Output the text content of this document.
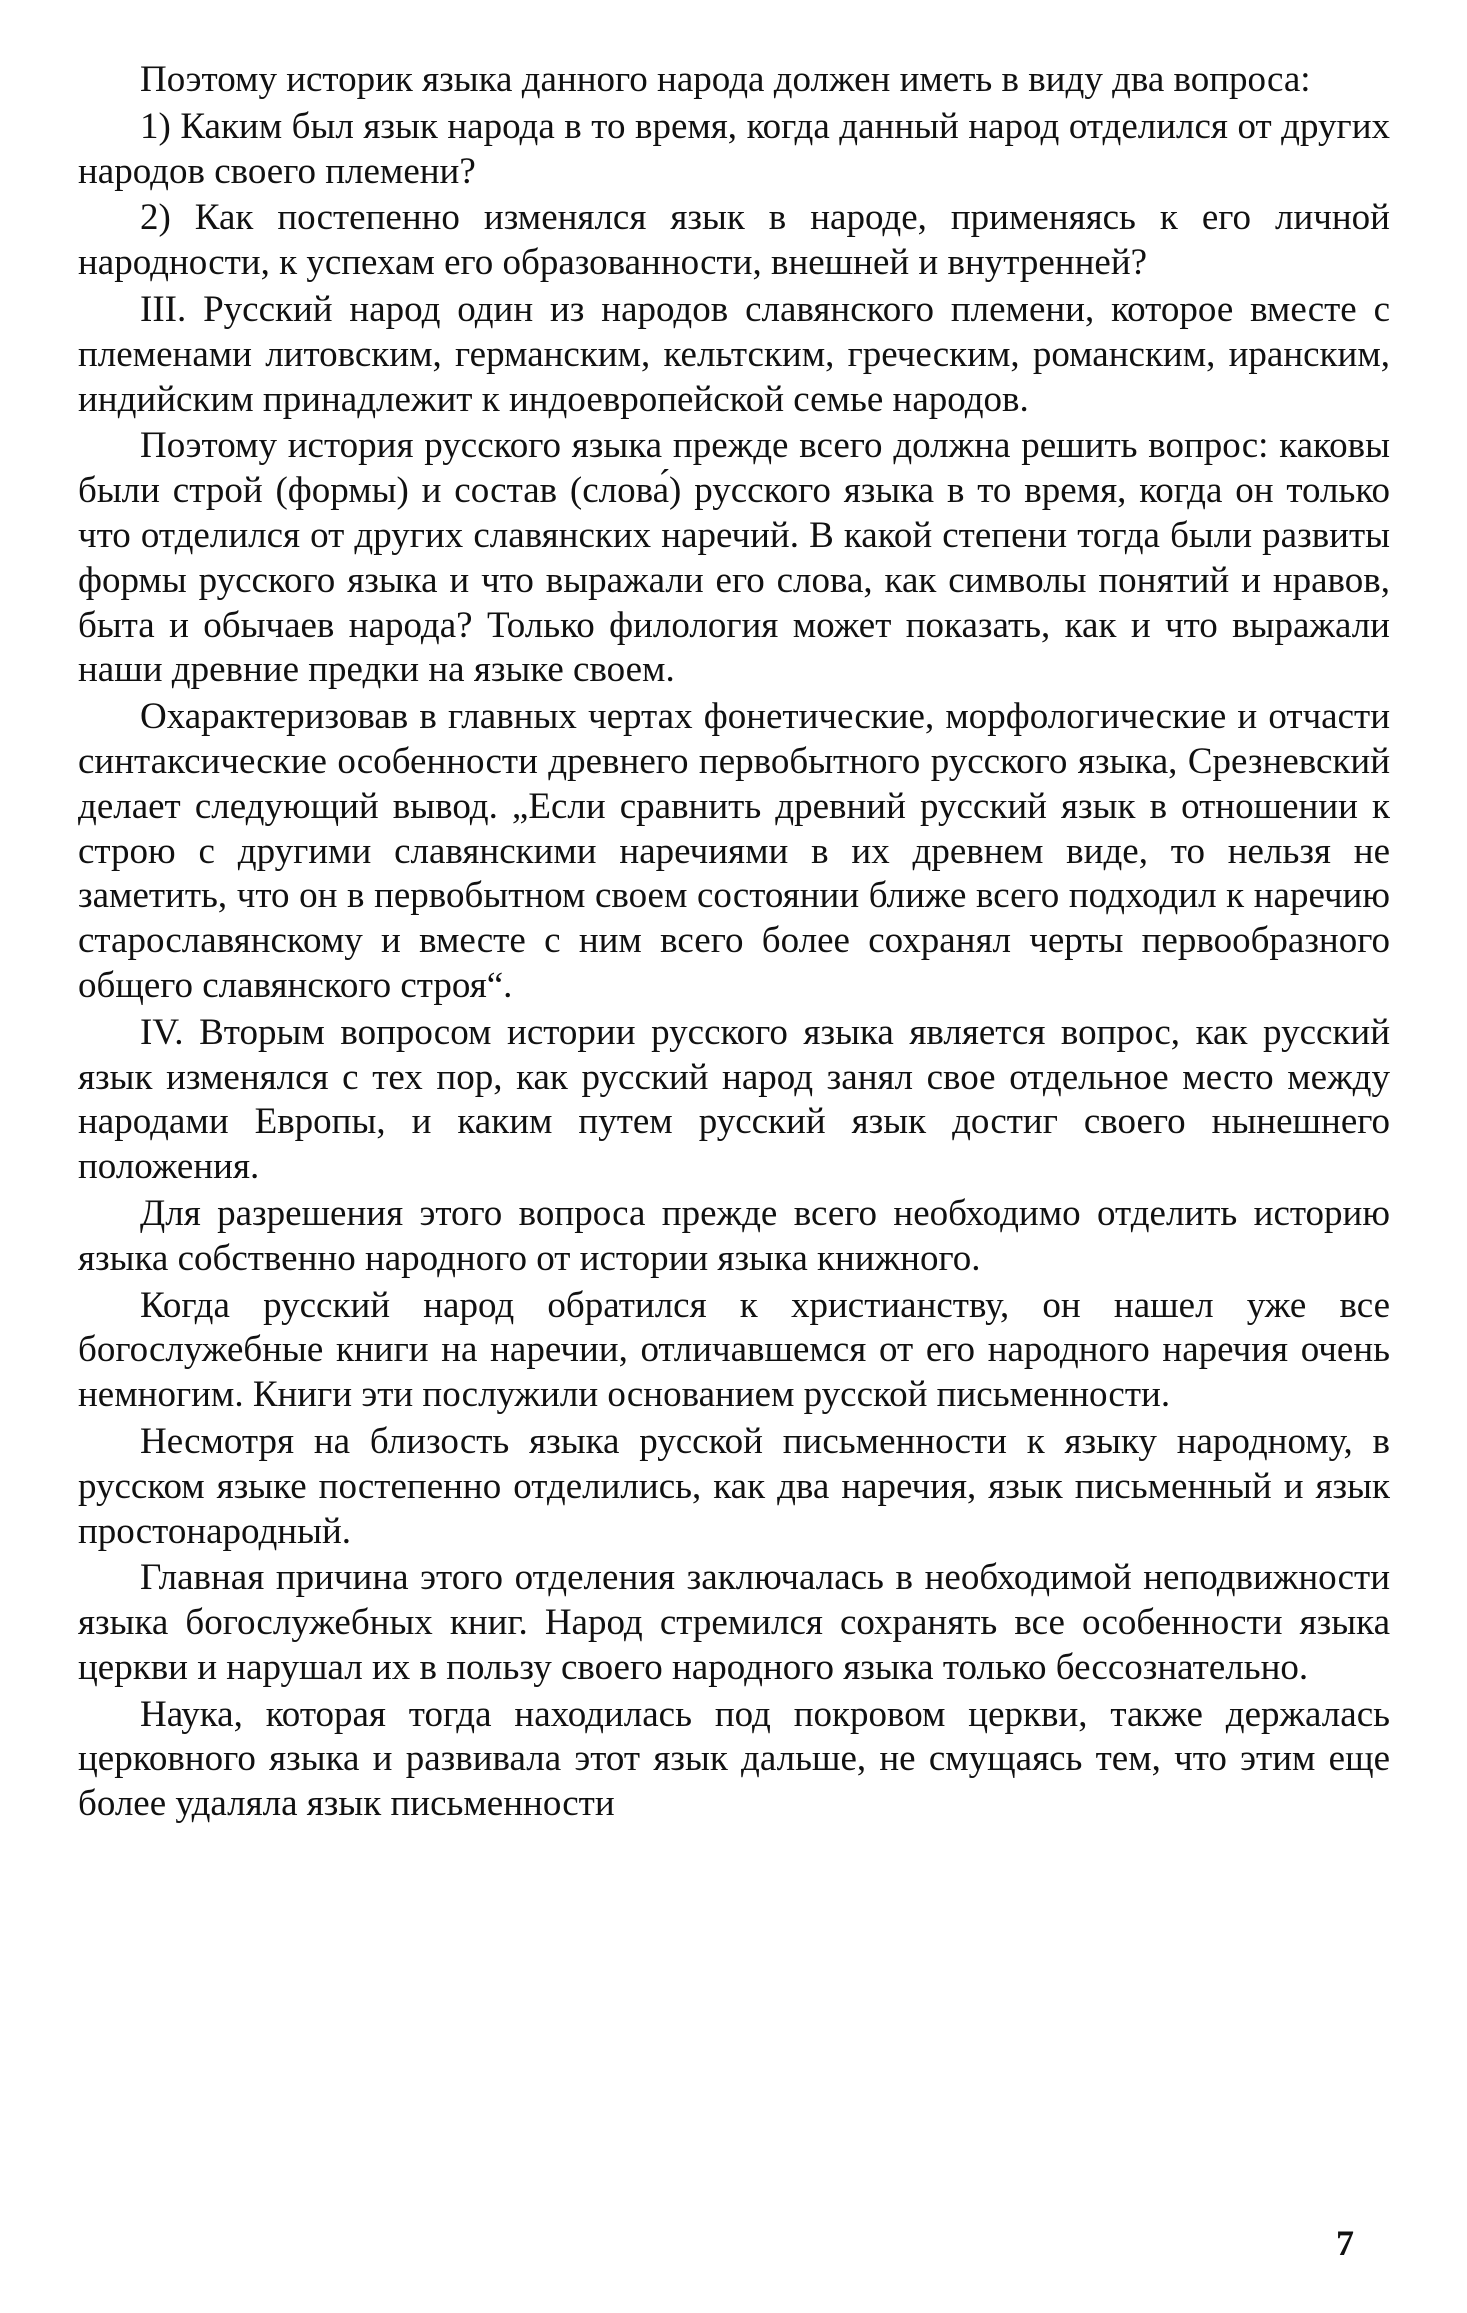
Поэтому историк языка данного народа должен иметь в виду два вопроса:

1) Каким был язык народа в то время, когда данный народ отделился от других народов своего племени?

2) Как постепенно изменялся язык в народе, применяясь к его личной народности, к успехам его образованности, внешней и внутренней?

III. Русский народ один из народов славянского племени, которое вместе с племенами литовским, германским, кельтским, греческим, романским, иранским, индийским принадлежит к индоевропейской семье народов.

Поэтому история русского языка прежде всего должна решить вопрос: каковы были строй (формы) и состав (слова́) русского языка в то время, когда он только что отделился от других славянских наречий. В какой степени тогда были развиты формы русского языка и что выражали его слова, как символы понятий и нравов, быта и обычаев народа? Только филология может показать, как и что выражали наши древние предки на языке своем.

Охарактеризовав в главных чертах фонетические, морфологические и отчасти синтаксические особенности древнего первобытного русского языка, Срезневский делает следующий вывод. „Если сравнить древний русский язык в отношении к строю с другими славянскими наречиями в их древнем виде, то нельзя не заметить, что он в первобытном своем состоянии ближе всего подходил к наречию старославянскому и вместе с ним всего более сохранял черты первообразного общего славянского строя“.

IV. Вторым вопросом истории русского языка является вопрос, как русский язык изменялся с тех пор, как русский народ занял свое отдельное место между народами Европы, и каким путем русский язык достиг своего нынешнего положения.

Для разрешения этого вопроса прежде всего необходимо отделить историю языка собственно народного от истории языка книжного.

Когда русский народ обратился к христианству, он нашел уже все богослужебные книги на наречии, отличавшемся от его народного наречия очень немногим. Книги эти послужили основанием русской письменности.

Несмотря на близость языка русской письменности к языку народному, в русском языке постепенно отделились, как два наречия, язык письменный и язык простонародный.

Главная причина этого отделения заключалась в необходимой неподвижности языка богослужебных книг. Народ стремился сохранять все особенности языка церкви и нарушал их в пользу своего народного языка только бессознательно.

Наука, которая тогда находилась под покровом церкви, также держалась церковного языка и развивала этот язык дальше, не смущаясь тем, что этим еще более удаляла язык письменности

7
